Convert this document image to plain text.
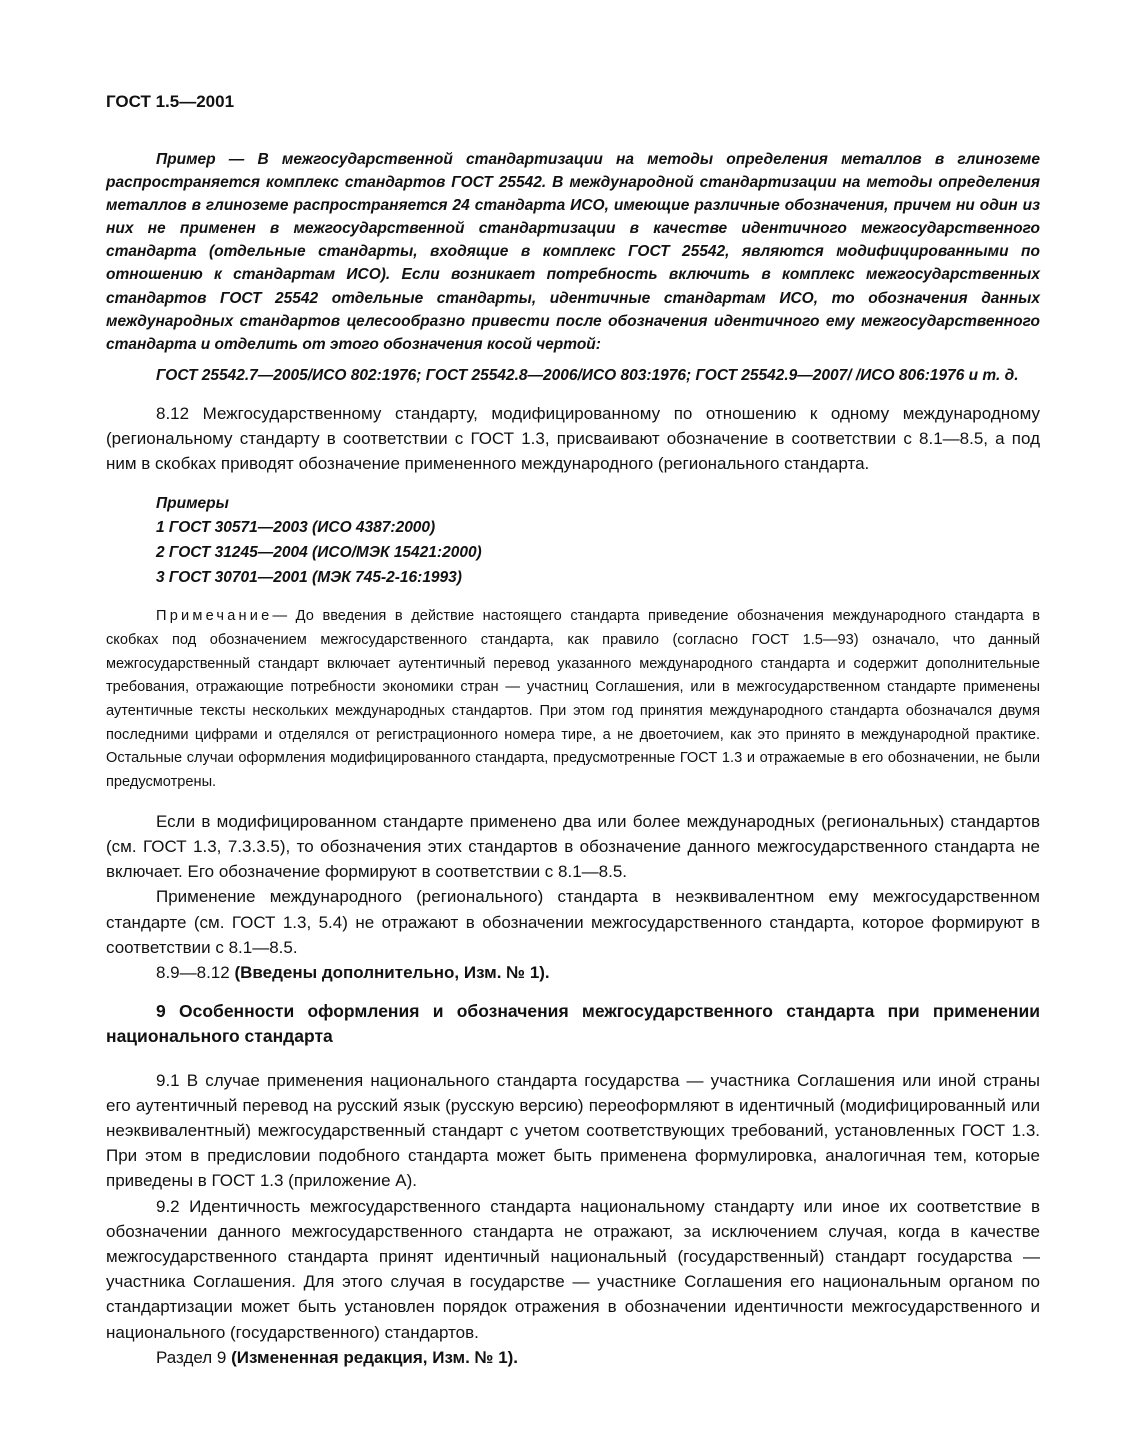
ГОСТ 1.5—2001

Пример — В межгосударственной стандартизации на методы определения металлов в глиноземе распространяется комплекс стандартов ГОСТ 25542. В международной стандартизации на методы определения металлов в глиноземе распространяется 24 стандарта ИСО, имеющие различные обозначения, причем ни один из них не применен в межгосударственной стандартизации в качестве идентичного межгосударственного стандарта (отдельные стандарты, входящие в комплекс ГОСТ 25542, являются модифицированными по отношению к стандартам ИСО). Если возникает потребность включить в комплекс межгосударственных стандартов ГОСТ 25542 отдельные стандарты, идентичные стандартам ИСО, то обозначения данных международных стандартов целесообразно привести после обозначения идентичного ему межгосударственного стандарта и отделить от этого обозначения косой чертой:

ГОСТ 25542.7—2005/ИСО 802:1976; ГОСТ 25542.8—2006/ИСО 803:1976; ГОСТ 25542.9—2007/ /ИСО 806:1976 и т. д.

8.12 Межгосударственному стандарту, модифицированному по отношению к одному международному (региональному стандарту в соответствии с ГОСТ 1.3, присваивают обозначение в соответствии с 8.1—8.5, а под ним в скобках приводят обозначение примененного международного (регионального стандарта.

Примеры
1 ГОСТ 30571—2003 (ИСО 4387:2000)
2 ГОСТ 31245—2004 (ИСО/МЭК 15421:2000)
3 ГОСТ 30701—2001 (МЭК 745-2-16:1993)

Примечание— До введения в действие настоящего стандарта приведение обозначения международного стандарта в скобках под обозначением межгосударственного стандарта, как правило (согласно ГОСТ 1.5—93) означало, что данный межгосударственный стандарт включает аутентичный перевод указанного международного стандарта и содержит дополнительные требования, отражающие потребности экономики стран — участниц Соглашения, или в межгосударственном стандарте применены аутентичные тексты нескольких международных стандартов. При этом год принятия международного стандарта обозначался двумя последними цифрами и отделялся от регистрационного номера тире, а не двоеточием, как это принято в международной практике. Остальные случаи оформления модифицированного стандарта, предусмотренные ГОСТ 1.3 и отражаемые в его обозначении, не были предусмотрены.

Если в модифицированном стандарте применено два или более международных (региональных) стандартов (см. ГОСТ 1.3, 7.3.3.5), то обозначения этих стандартов в обозначение данного межгосударственного стандарта не включает. Его обозначение формируют в соответствии с 8.1—8.5.

Применение международного (регионального) стандарта в неэквивалентном ему межгосударственном стандарте (см. ГОСТ 1.3, 5.4) не отражают в обозначении межгосударственного стандарта, которое формируют в соответствии с 8.1—8.5.

8.9—8.12 (Введены дополнительно, Изм. № 1).

9 Особенности оформления и обозначения межгосударственного стандарта при применении национального стандарта

9.1 В случае применения национального стандарта государства — участника Соглашения или иной страны его аутентичный перевод на русский язык (русскую версию) переоформляют в идентичный (модифицированный или неэквивалентный) межгосударственный стандарт с учетом соответствующих требований, установленных ГОСТ 1.3. При этом в предисловии подобного стандарта может быть применена формулировка, аналогичная тем, которые приведены в ГОСТ 1.3 (приложение А).

9.2 Идентичность межгосударственного стандарта национальному стандарту или иное их соответствие в обозначении данного межгосударственного стандарта не отражают, за исключением случая, когда в качестве межгосударственного стандарта принят идентичный национальный (государственный) стандарт государства — участника Соглашения. Для этого случая в государстве — участнике Соглашения его национальным органом по стандартизации может быть установлен порядок отражения в обозначении идентичности межгосударственного и национального (государственного) стандартов.

Раздел 9 (Измененная редакция, Изм. № 1).
